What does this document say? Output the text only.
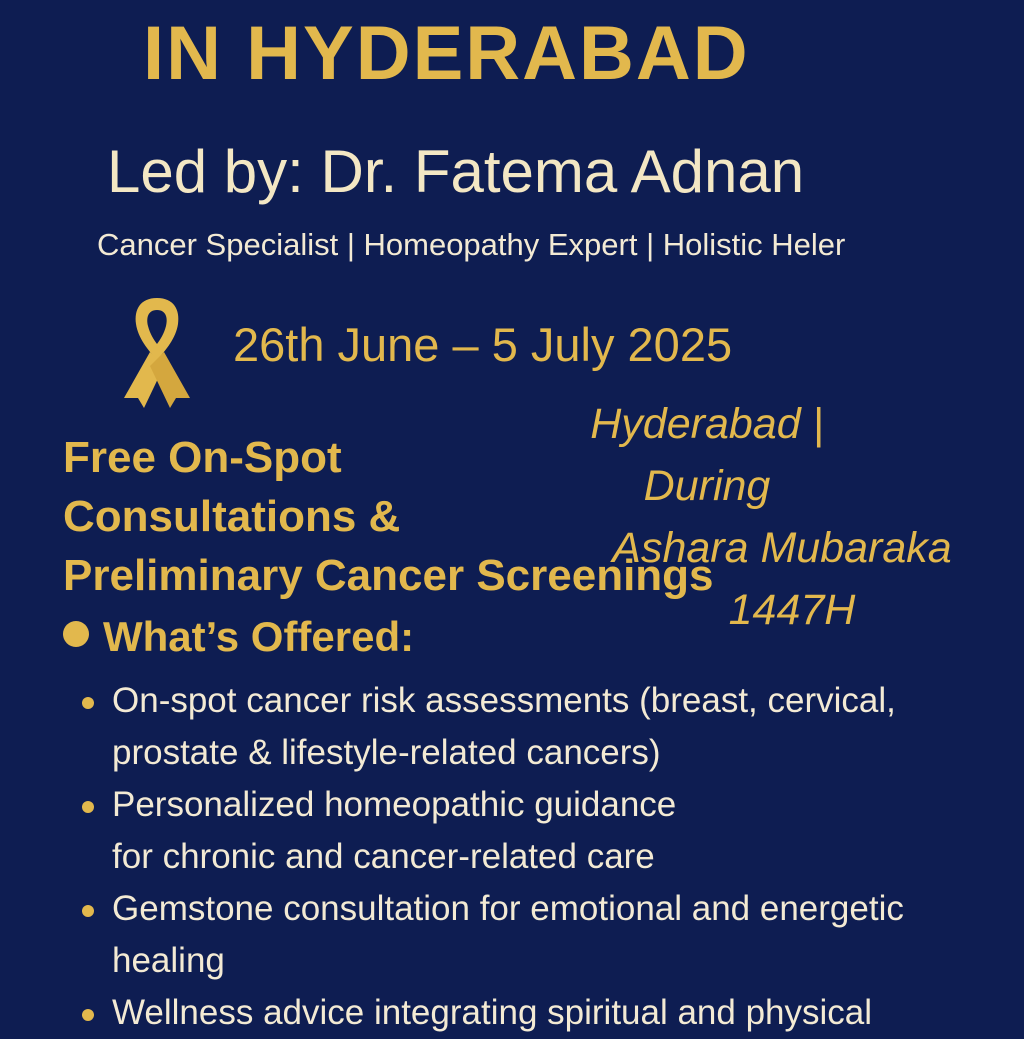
IN HYDERABAD
Led by: Dr. Fatema Adnan
Cancer Specialist | Homeopathy Expert | Holistic Heler
26th June – 5 July 2025
Hyderabad | During
Ashara Mubaraka
1447H
Free On-Spot
Consultations &
Preliminary Cancer Screenings
What’s Offered:
On-spot cancer risk assessments (breast, cervical,
prostate & lifestyle-related cancers)
Personalized homeopathic guidance
for chronic and cancer-related care
Gemstone consultation for emotional and energetic
healing
Wellness advice integrating spiritual and physical
